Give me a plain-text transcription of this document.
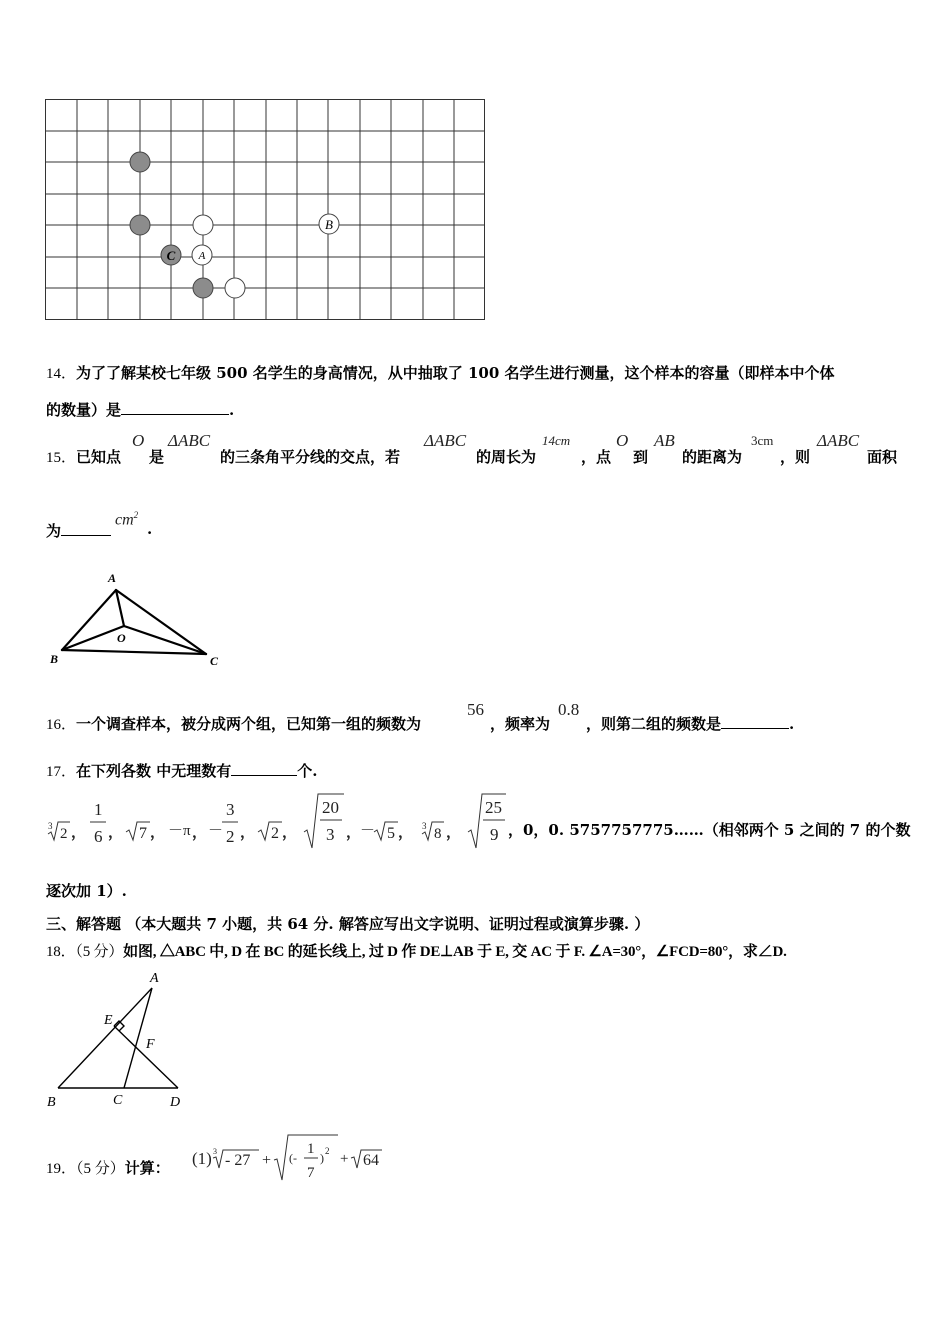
B
C A
14．为了了解某校七年级 500 名学生的身高情况，从中抽取了 100 名学生进行测量，这个样本的容量（即样本中个体
的数量）是	.
15．已知点
O
是
ΔABC
的三条角平分线的交点，若
ΔABC
的周长为
14cm
，点
O
到
AB
的距离为
3cm
，则
ΔABC
面积
为
$cm^2$
.
A
B	C
O
16．一个调查样本，被分成两个组，已知第一组的频数为
56
，频率为
0.8
，则第二组的频数是	.
17．在下列各数 中无理数有	个.
3 2 ，
1
6 ， 7 ， －π ， －
3
2 ， 2 ，
20
3 ，
－ 5 ， 3 8 ，
25
9 ，0，0. 5757757775……（相邻两个 5 之间的 7 的个数
逐次加 1）.
三、解答题 （本大题共 7 小题，共 64 分. 解答应写出文字说明、证明过程或演算步骤. ）
18．（5 分）如图, △ABC 中, D 在 BC 的延长线上, 过 D 作 DE⊥AB 于 E, 交 AC 于 F. ∠A=30°，∠FCD=80°，求∠D.
A
E
F
B	C	D
19．（5 分）计算： (1) 3
- 27 + (-
1
7
) 2 + 64
